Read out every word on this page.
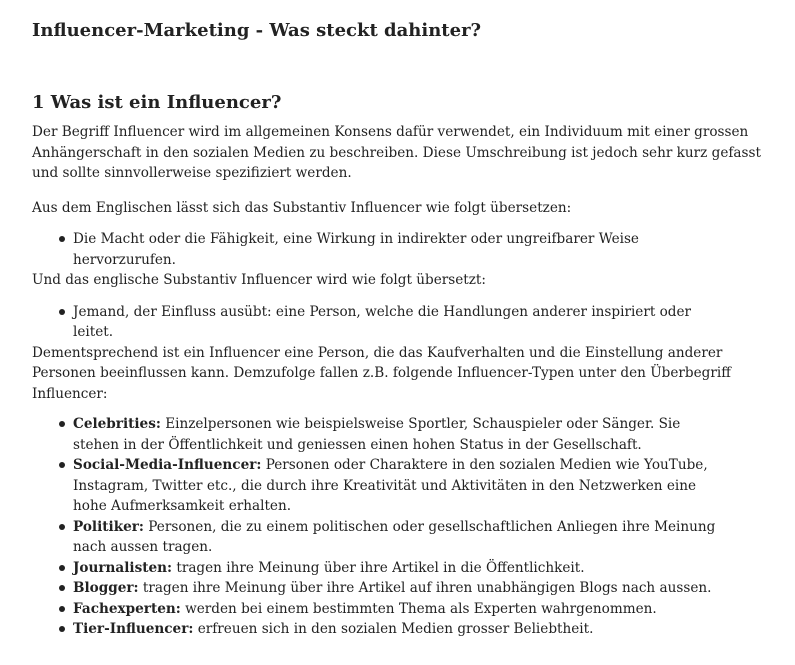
Influencer-Marketing - Was steckt dahinter?
1 Was ist ein Influencer?

Der Begriff Influencer wird im allgemeinen Konsens dafür verwendet, ein Individuum mit einer grossen Anhängerschaft in den sozialen Medien zu beschreiben. Diese Umschreibung ist jedoch sehr kurz gefasst und sollte sinnvollerweise spezifiziert werden.

Aus dem Englischen lässt sich das Substantiv Influencer wie folgt übersetzen:

Die Macht oder die Fähigkeit, eine Wirkung in indirekter oder ungreifbarer Weise hervorzurufen.

Und das englische Substantiv Influencer wird wie folgt übersetzt:

Jemand, der Einfluss ausübt: eine Person, welche die Handlungen anderer inspiriert oder leitet.

Dementsprechend ist ein Influencer eine Person, die das Kaufverhalten und die Einstellung anderer Personen beeinflussen kann. Demzufolge fallen z.B. folgende Influencer-Typen unter den Überbegriff Influencer:

Celebrities: Einzelpersonen wie beispielsweise Sportler, Schauspieler oder Sänger. Sie stehen in der Öffentlichkeit und geniessen einen hohen Status in der Gesellschaft.
Social-Media-Influencer: Personen oder Charaktere in den sozialen Medien wie YouTube, Instagram, Twitter etc., die durch ihre Kreativität und Aktivitäten in den Netzwerken eine hohe Aufmerksamkeit erhalten.
Politiker: Personen, die zu einem politischen oder gesellschaftlichen Anliegen ihre Meinung nach aussen tragen.
Journalisten: tragen ihre Meinung über ihre Artikel in die Öffentlichkeit.
Blogger: tragen ihre Meinung über ihre Artikel auf ihren unabhängigen Blogs nach aussen.
Fachexperten: werden bei einem bestimmten Thema als Experten wahrgenommen.
Tier-Influencer: erfreuen sich in den sozialen Medien grosser Beliebtheit.
